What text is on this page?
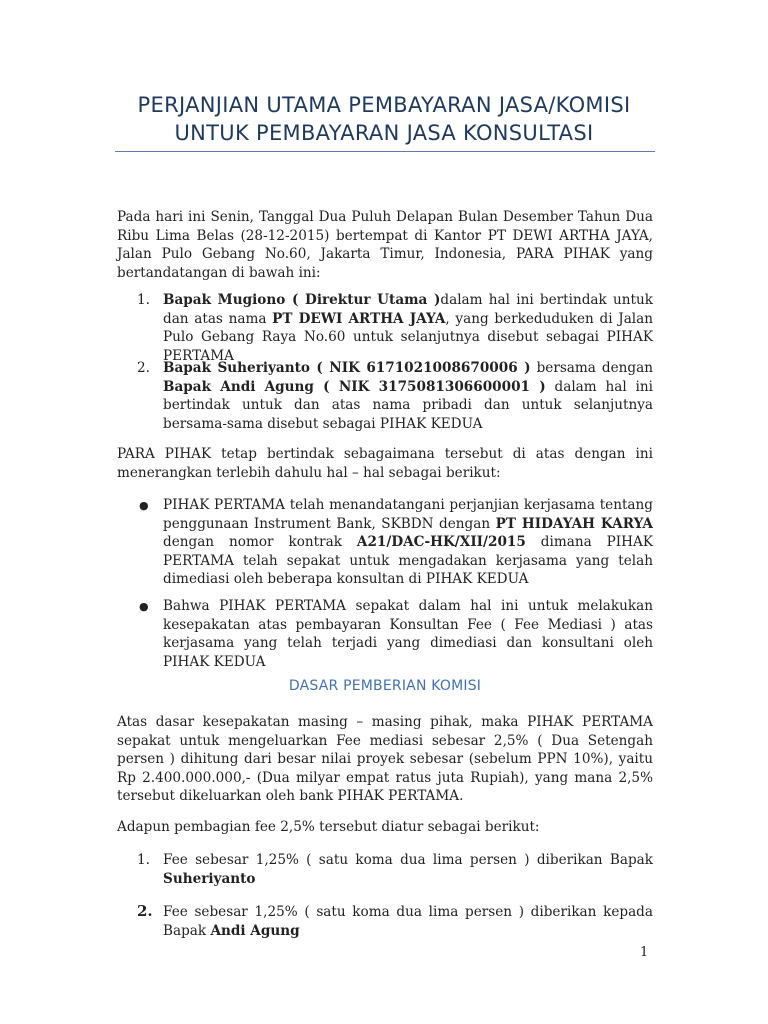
PERJANJIAN UTAMA PEMBAYARAN JASA/KOMISI
UNTUK PEMBAYARAN JASA KONSULTASI
Pada hari ini Senin, Tanggal Dua Puluh Delapan Bulan Desember Tahun Dua Ribu Lima Belas (28-12-2015) bertempat di Kantor PT DEWI ARTHA JAYA, Jalan Pulo Gebang No.60, Jakarta Timur, Indonesia, PARA PIHAK yang bertandatangan di bawah ini:
1. Bapak Mugiono ( Direktur Utama )dalam hal ini bertindak untuk dan atas nama PT DEWI ARTHA JAYA, yang berkeduduken di Jalan Pulo Gebang Raya No.60 untuk selanjutnya disebut sebagai PIHAK PERTAMA
2. Bapak Suheriyanto ( NIK 6171021008670006 ) bersama dengan Bapak Andi Agung ( NIK 3175081306600001 ) dalam hal ini bertindak untuk dan atas nama pribadi dan untuk selanjutnya bersama-sama disebut sebagai PIHAK KEDUA
PARA PIHAK tetap bertindak sebagaimana tersebut di atas dengan ini menerangkan terlebih dahulu hal – hal sebagai berikut:
● PIHAK PERTAMA telah menandatangani perjanjian kerjasama tentang penggunaan Instrument Bank, SKBDN dengan PT HIDAYAH KARYA dengan nomor kontrak A21/DAC-HK/XII/2015 dimana PIHAK PERTAMA telah sepakat untuk mengadakan kerjasama yang telah dimediasi oleh beberapa konsultan di PIHAK KEDUA
● Bahwa PIHAK PERTAMA sepakat dalam hal ini untuk melakukan kesepakatan atas pembayaran Konsultan Fee ( Fee Mediasi ) atas kerjasama yang telah terjadi yang dimediasi dan konsultani oleh PIHAK KEDUA
DASAR PEMBERIAN KOMISI
Atas dasar kesepakatan masing – masing pihak, maka PIHAK PERTAMA sepakat untuk mengeluarkan Fee mediasi sebesar 2,5% ( Dua Setengah persen ) dihitung dari besar nilai proyek sebesar (sebelum PPN 10%), yaitu Rp 2.400.000.000,- (Dua milyar empat ratus juta Rupiah), yang mana 2,5% tersebut dikeluarkan oleh bank PIHAK PERTAMA.
Adapun pembagian fee 2,5% tersebut diatur sebagai berikut:
1. Fee sebesar 1,25% ( satu koma dua lima persen ) diberikan Bapak Suheriyanto
2. Fee sebesar 1,25% ( satu koma dua lima persen ) diberikan kepada Bapak Andi Agung
1
